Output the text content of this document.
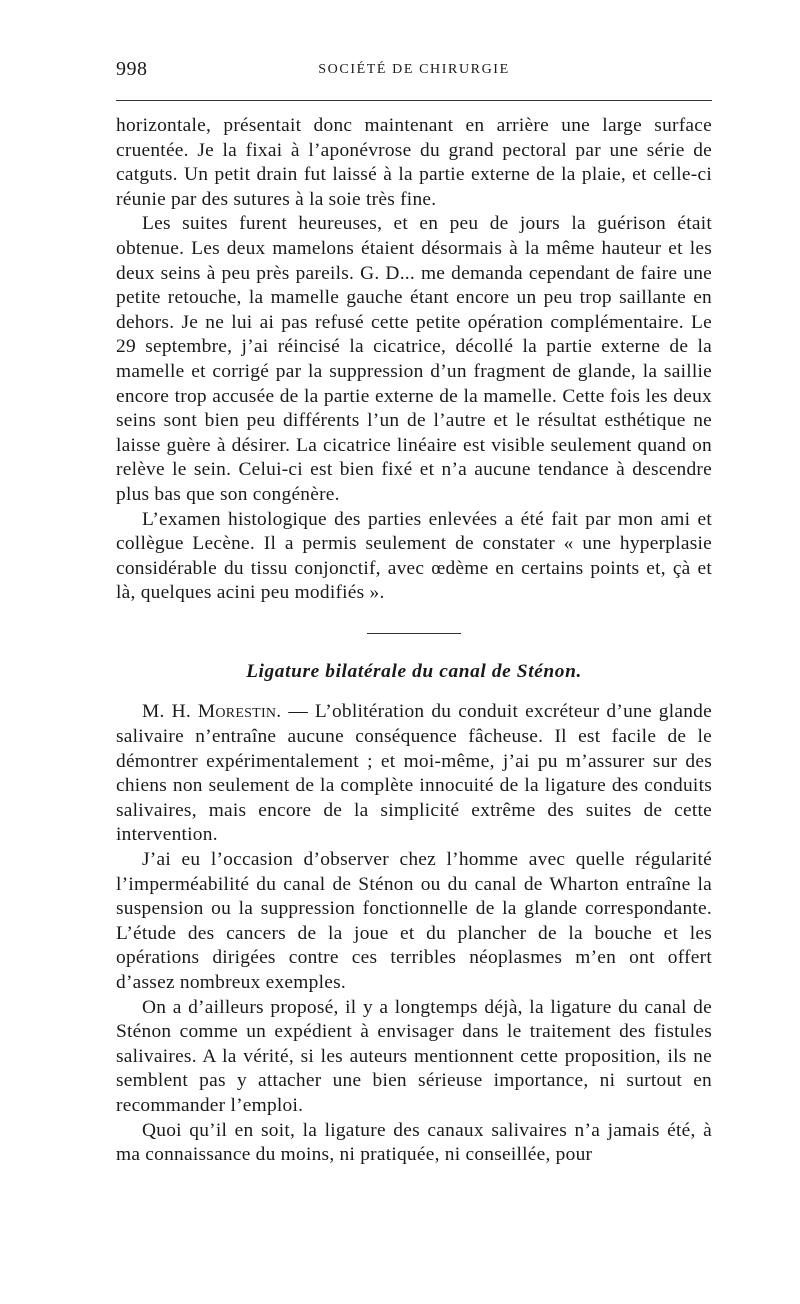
998	SOCIÉTÉ DE CHIRURGIE

horizontale, présentait donc maintenant en arrière une large surface cruentée. Je la fixai à l’aponévrose du grand pectoral par une série de catguts. Un petit drain fut laissé à la partie externe de la plaie, et celle-ci réunie par des sutures à la soie très fine.

Les suites furent heureuses, et en peu de jours la guérison était obtenue. Les deux mamelons étaient désormais à la même hauteur et les deux seins à peu près pareils. G. D... me demanda cependant de faire une petite retouche, la mamelle gauche étant encore un peu trop saillante en dehors. Je ne lui ai pas refusé cette petite opération complémentaire. Le 29 septembre, j’ai réincisé la cicatrice, décollé la partie externe de la mamelle et corrigé par la suppression d’un fragment de glande, la saillie encore trop accusée de la partie externe de la mamelle. Cette fois les deux seins sont bien peu différents l’un de l’autre et le résultat esthétique ne laisse guère à désirer. La cicatrice linéaire est visible seulement quand on relève le sein. Celui-ci est bien fixé et n’a aucune tendance à descendre plus bas que son congénère.

L’examen histologique des parties enlevées a été fait par mon ami et collègue Lecène. Il a permis seulement de constater « une hyperplasie considérable du tissu conjonctif, avec œdème en certains points et, çà et là, quelques acini peu modifiés ».

Ligature bilatérale du canal de Sténon.

M. H. Morestin. — L’oblitération du conduit excréteur d’une glande salivaire n’entraîne aucune conséquence fâcheuse. Il est facile de le démontrer expérimentalement ; et moi-même, j’ai pu m’assurer sur des chiens non seulement de la complète innocuité de la ligature des conduits salivaires, mais encore de la simplicité extrême des suites de cette intervention.

J’ai eu l’occasion d’observer chez l’homme avec quelle régularité l’imperméabilité du canal de Sténon ou du canal de Wharton entraîne la suspension ou la suppression fonctionnelle de la glande correspondante. L’étude des cancers de la joue et du plancher de la bouche et les opérations dirigées contre ces terribles néoplasmes m’en ont offert d’assez nombreux exemples.

On a d’ailleurs proposé, il y a longtemps déjà, la ligature du canal de Sténon comme un expédient à envisager dans le traitement des fistules salivaires. A la vérité, si les auteurs mentionnent cette proposition, ils ne semblent pas y attacher une bien sérieuse importance, ni surtout en recommander l’emploi.

Quoi qu’il en soit, la ligature des canaux salivaires n’a jamais été, à ma connaissance du moins, ni pratiquée, ni conseillée, pour
